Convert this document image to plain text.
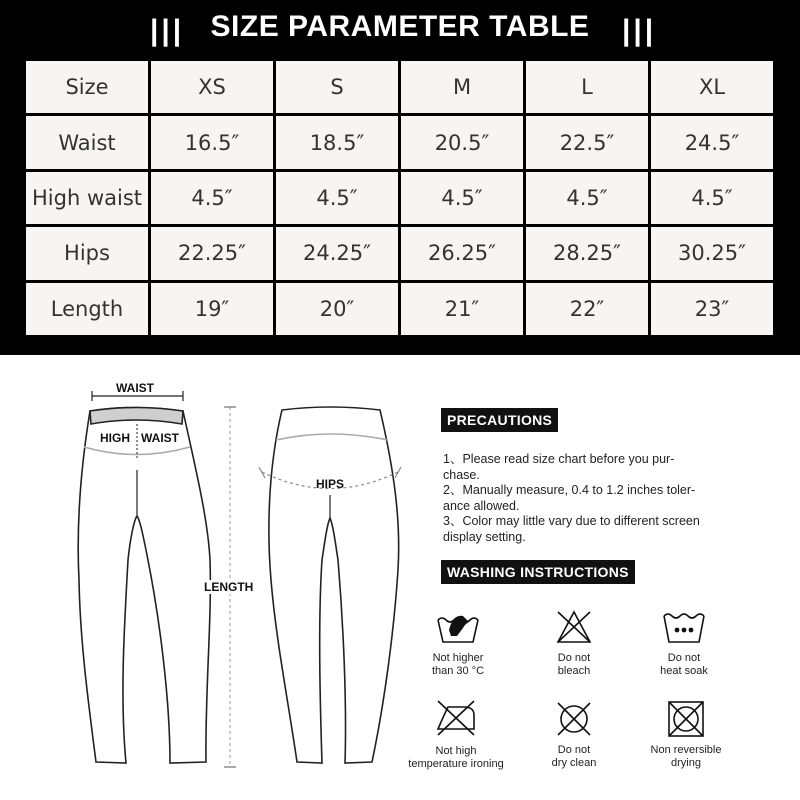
||| SIZE PARAMETER TABLE	|||
Size	XS	S	M	L	XL
Waist	16.5″	18.5″	20.5″	22.5″	24.5″
High waist	4.5″	4.5″	4.5″	4.5″	4.5″
Hips	22.25″	24.25″	26.25″	28.25″	30.25″
Length	19″	20″	21″	22″	23″
WAIST
HIGH WAIST
LENGTH
HIPS
PRECAUTIONS
1、Please read size chart before you pur-
chase.
2、Manually measure, 0.4 to 1.2 inches toler-
ance allowed.
3、Color may little vary due to different screen
display setting.
WASHING INSTRUCTIONS
Not higher
than 30 °C
Do not
bleach
Do not
heat soak
Not high
temperature ironing
Do not
dry clean
Non reversible
drying
